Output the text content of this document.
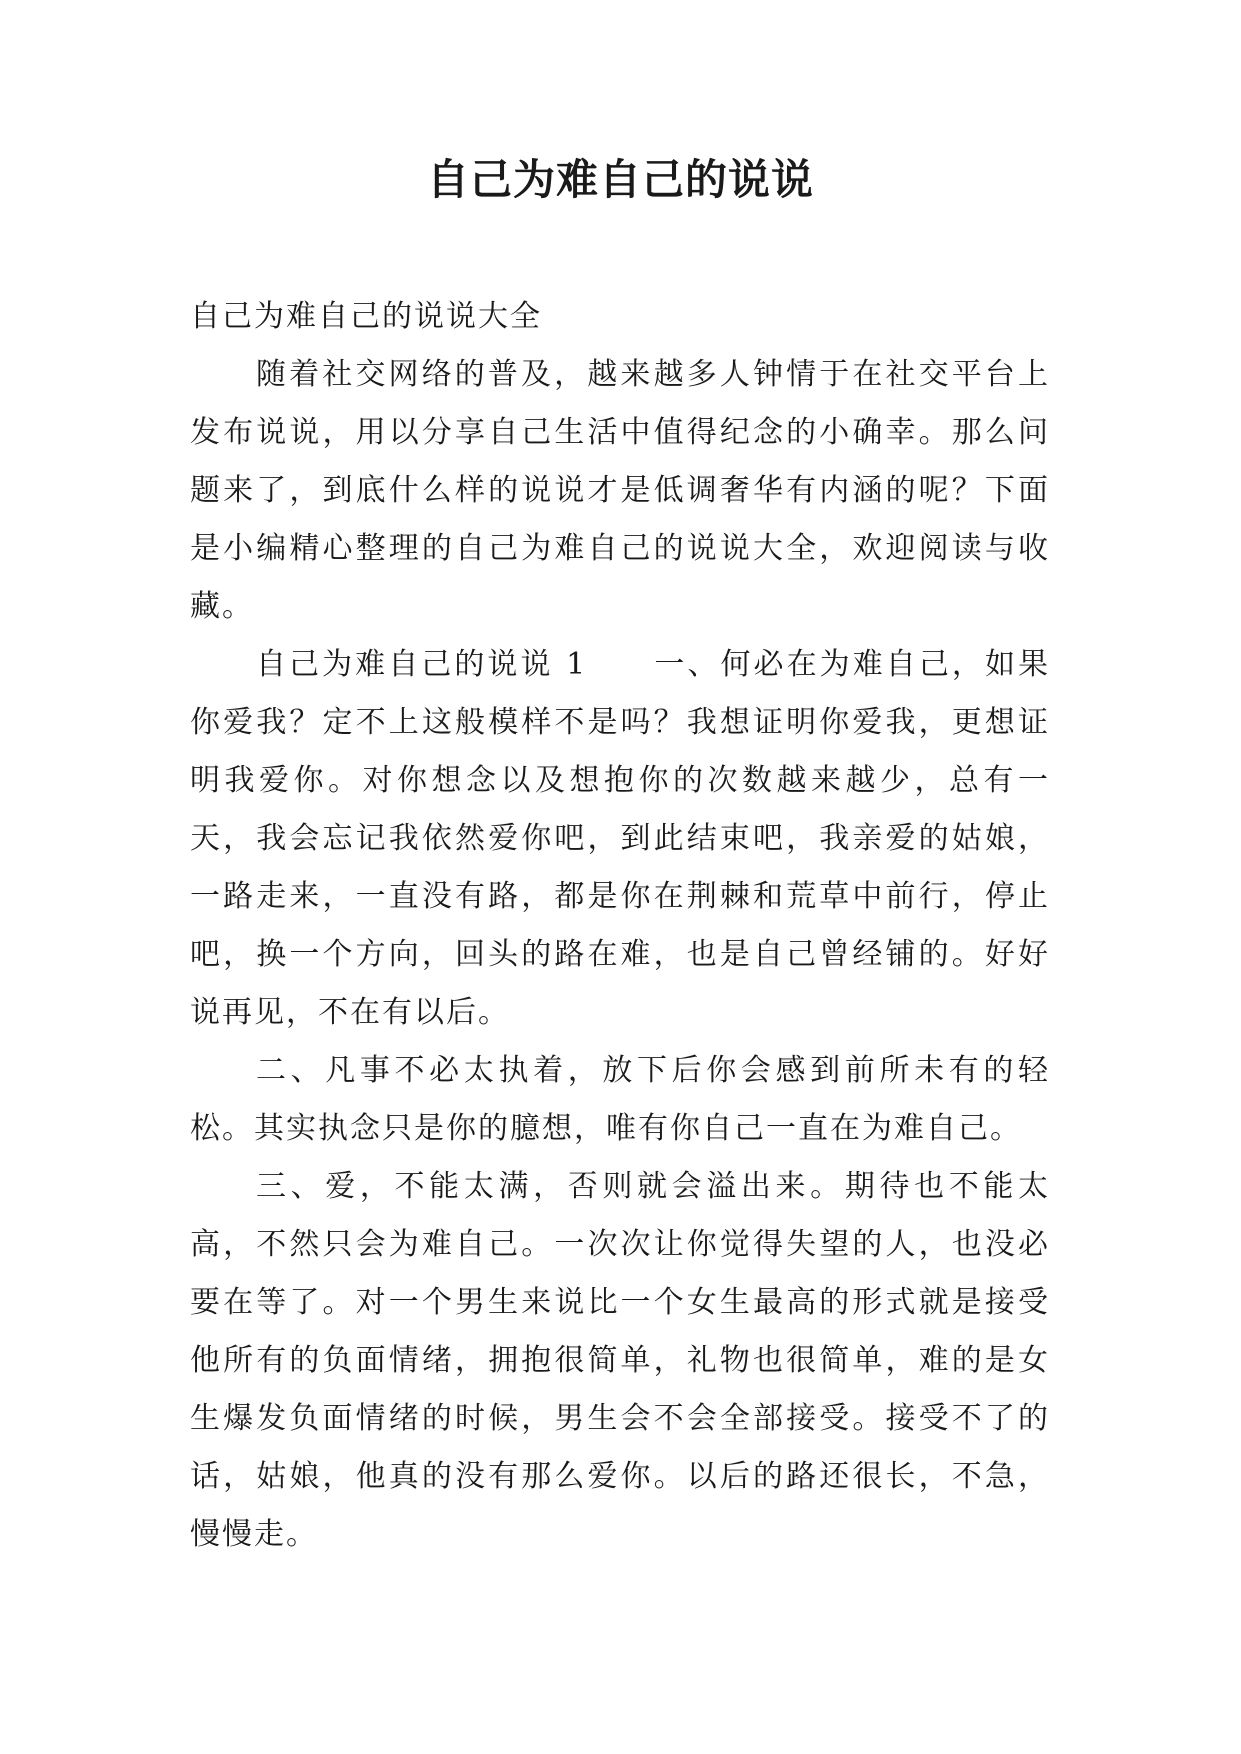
自己为难自己的说说

自己为难自己的说说大全

随着社交网络的普及，越来越多人钟情于在社交平台上发布说说，用以分享自己生活中值得纪念的小确幸。那么问题来了，到底什么样的说说才是低调奢华有内涵的呢？下面是小编精心整理的自己为难自己的说说大全，欢迎阅读与收藏。

自己为难自己的说说 1　　一、何必在为难自己，如果你爱我？定不上这般模样不是吗？我想证明你爱我，更想证明我爱你。对你想念以及想抱你的次数越来越少，总有一天，我会忘记我依然爱你吧，到此结束吧，我亲爱的姑娘，一路走来，一直没有路，都是你在荆棘和荒草中前行，停止吧，换一个方向，回头的路在难，也是自己曾经铺的。好好说再见，不在有以后。

二、凡事不必太执着，放下后你会感到前所未有的轻松。其实执念只是你的臆想，唯有你自己一直在为难自己。

三、爱，不能太满，否则就会溢出来。期待也不能太高，不然只会为难自己。一次次让你觉得失望的人，也没必要在等了。对一个男生来说比一个女生最高的形式就是接受他所有的负面情绪，拥抱很简单，礼物也很简单，难的是女生爆发负面情绪的时候，男生会不会全部接受。接受不了的话，姑娘，他真的没有那么爱你。以后的路还很长，不急，慢慢走。
